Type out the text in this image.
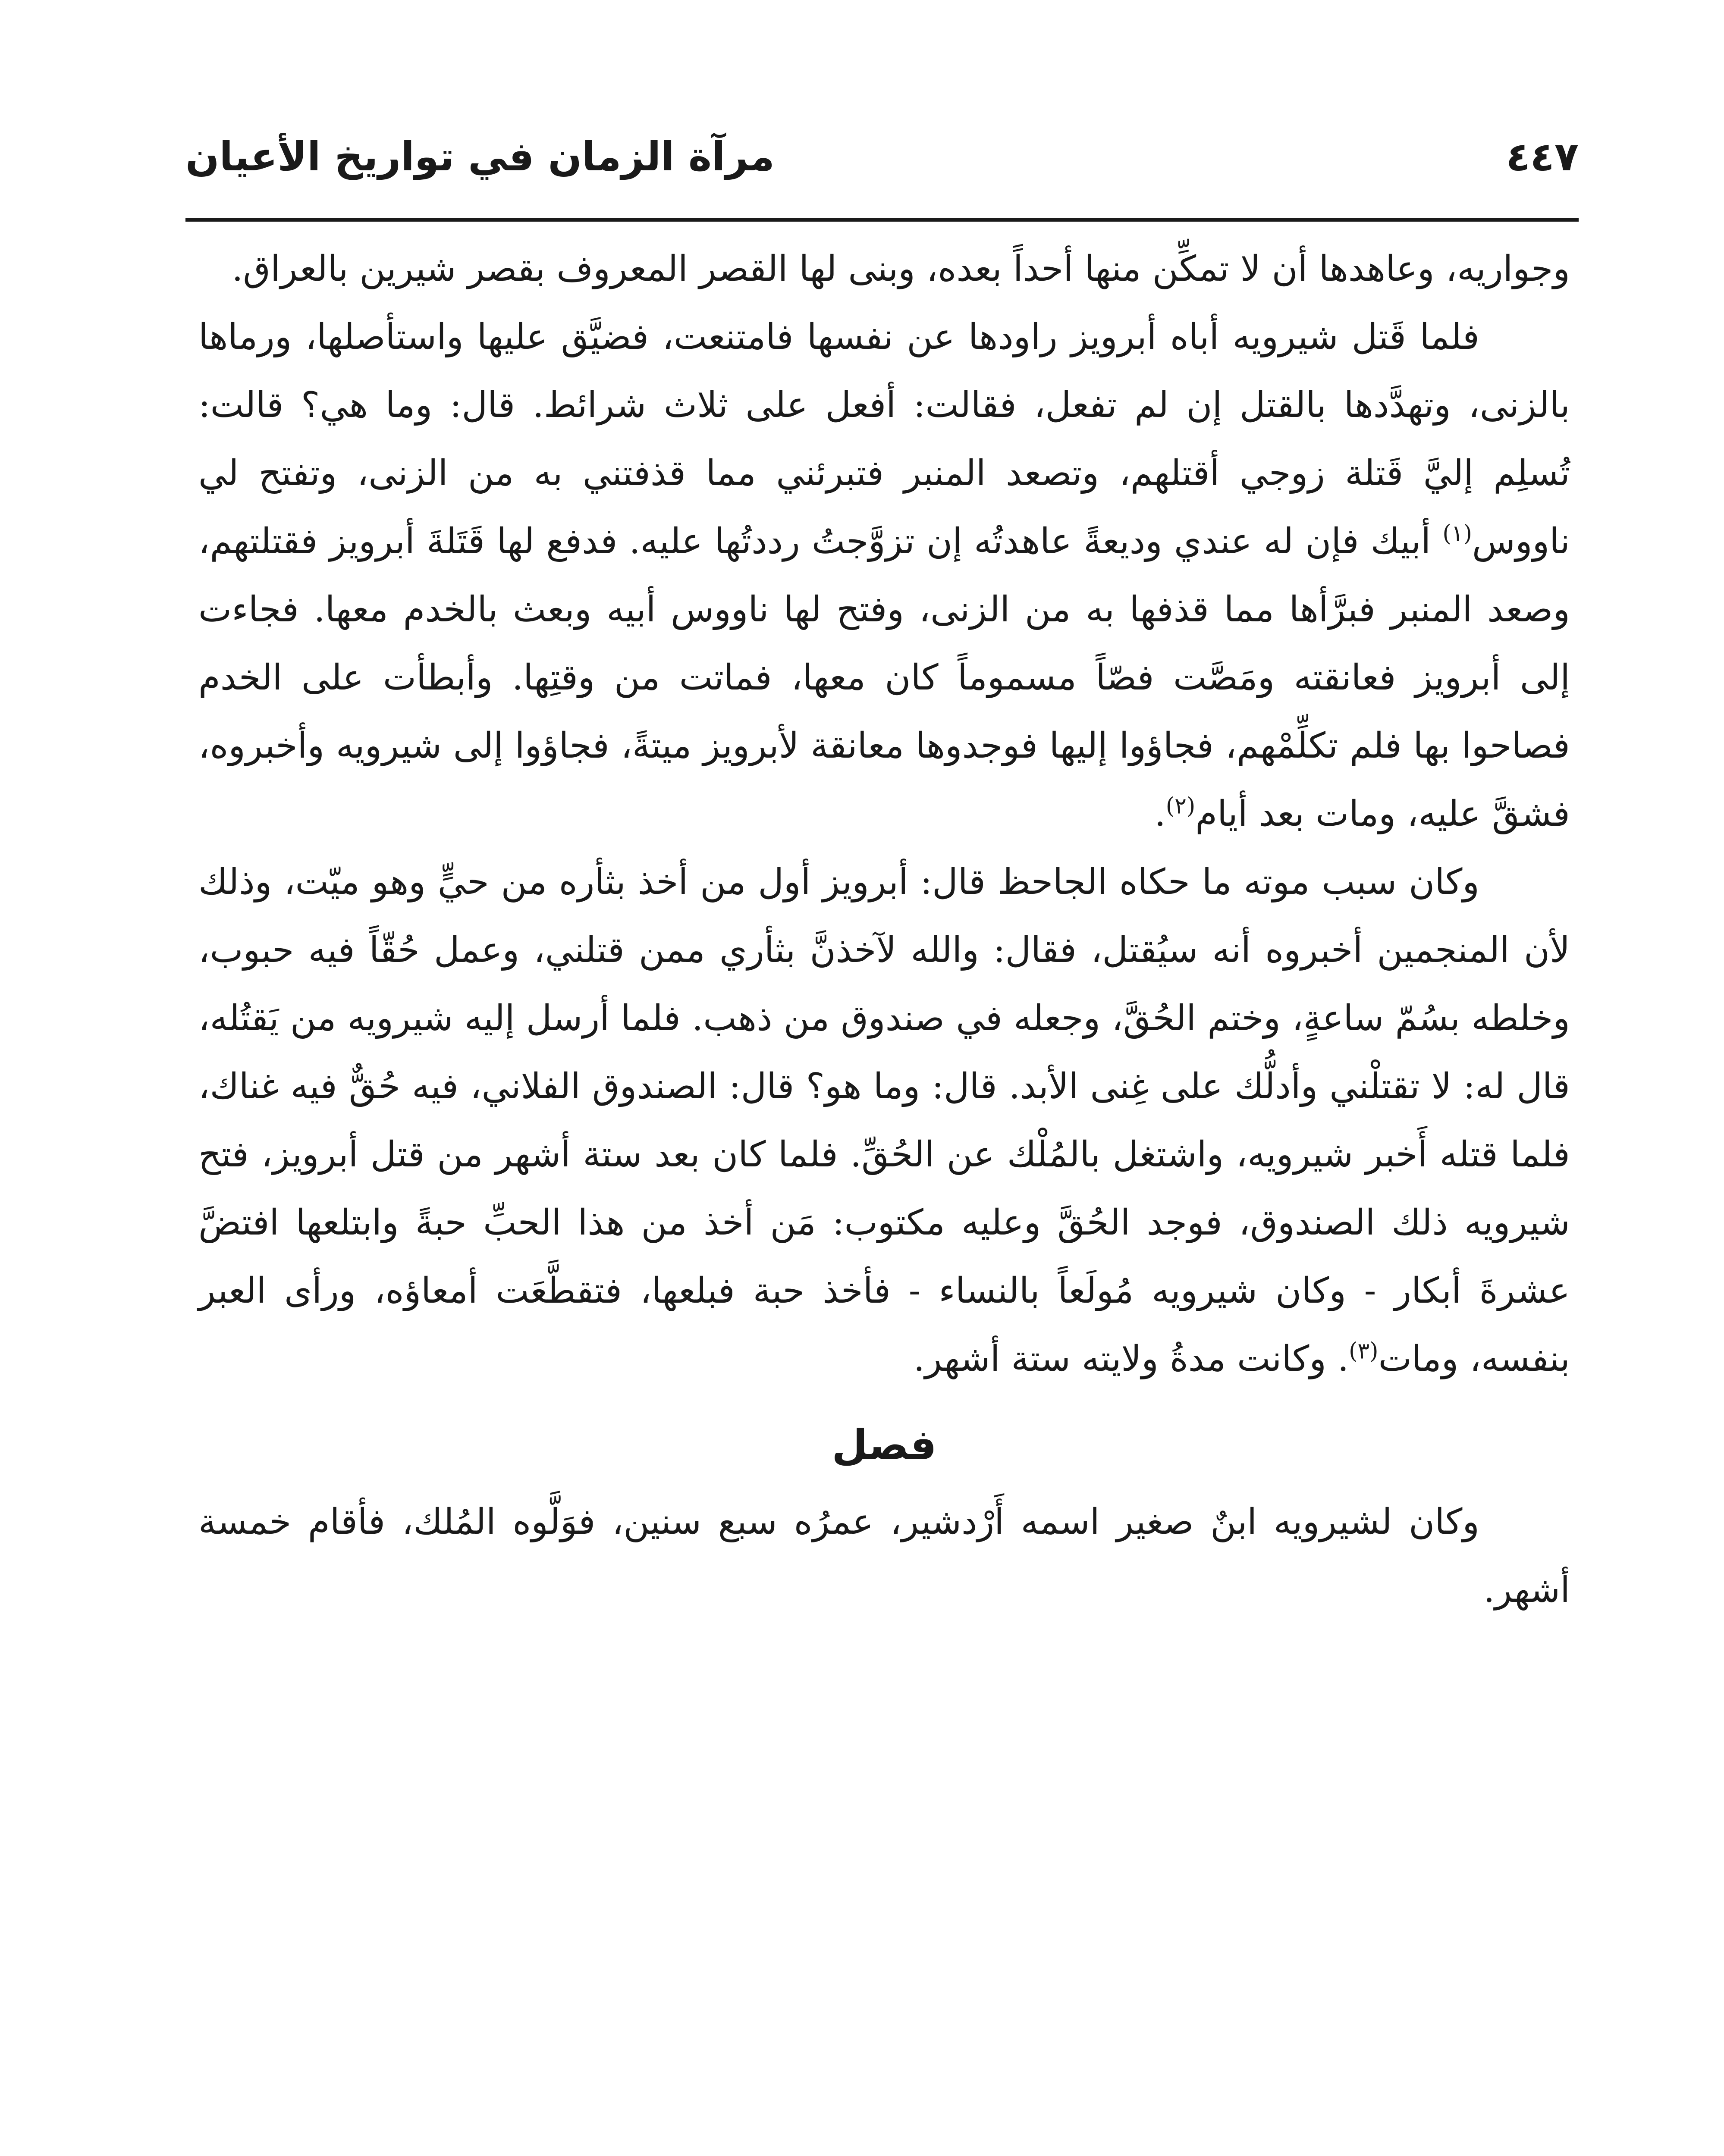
٤٤٧
مرآة الزمان في تواريخ الأعيان

وجواريه، وعاهدها أن لا تمكِّن منها أحداً بعده، وبنى لها القصر المعروف بقصر شيرين بالعراق.

فلما قَتل شيرويه أباه أبرويز راودها عن نفسها فامتنعت، فضيَّق عليها واستأصلها، ورماها بالزنى، وتهدَّدها بالقتل إن لم تفعل، فقالت: أفعل على ثلاث شرائط. قال: وما هي؟ قالت: تُسلِم إليَّ قَتلة زوجي أقتلهم، وتصعد المنبر فتبرئني مما قذفتني به من الزنى، وتفتح لي ناووس$^{(١)}$ أبيك فإن له عندي وديعةً عاهدتُه إن تزوَّجتُ رددتُها عليه. فدفع لها قَتَلةَ أبرويز فقتلتهم، وصعد المنبر فبرَّأها مما قذفها به من الزنى، وفتح لها ناووس أبيه وبعث بالخدم معها. فجاءت إلى أبرويز فعانقته ومَصَّت فصّاً مسموماً كان معها، فماتت من وقتِها. وأبطأت على الخدم فصاحوا بها فلم تكلِّمْهم، فجاؤوا إليها فوجدوها معانقة لأبرويز ميتةً، فجاؤوا إلى شيرويه وأخبروه، فشقَّ عليه، ومات بعد أيام$^{(٢)}$.

وكان سبب موته ما حكاه الجاحظ قال: أبرويز أول من أخذ بثأره من حيٍّ وهو ميّت، وذلك لأن المنجمين أخبروه أنه سيُقتل، فقال: والله لآخذنَّ بثأري ممن قتلني، وعمل حُقّاً فيه حبوب، وخلطه بسُمّ ساعةٍ، وختم الحُقَّ، وجعله في صندوق من ذهب. فلما أرسل إليه شيرويه من يَقتُله، قال له: لا تقتلْني وأدلُّك على غِنى الأبد. قال: وما هو؟ قال: الصندوق الفلاني، فيه حُقٌّ فيه غناك، فلما قتله أَخبر شيرويه، واشتغل بالمُلْك عن الحُقِّ. فلما كان بعد ستة أشهر من قتل أبرويز، فتح شيرويه ذلك الصندوق، فوجد الحُقَّ وعليه مكتوب: مَن أخذ من هذا الحبِّ حبةً وابتلعها افتضَّ عشرةَ أبكار - وكان شيرويه مُولَعاً بالنساء - فأخذ حبة فبلعها، فتقطَّعَت أمعاؤه، ورأى العبر بنفسه، ومات$^{(٣)}$. وكانت مدةُ ولايته ستة أشهر.

فصل

وكان لشيرويه ابنٌ صغير اسمه أَرْدشير، عمرُه سبع سنين، فوَلَّوه المُلك، فأقام خمسة أشهر.
